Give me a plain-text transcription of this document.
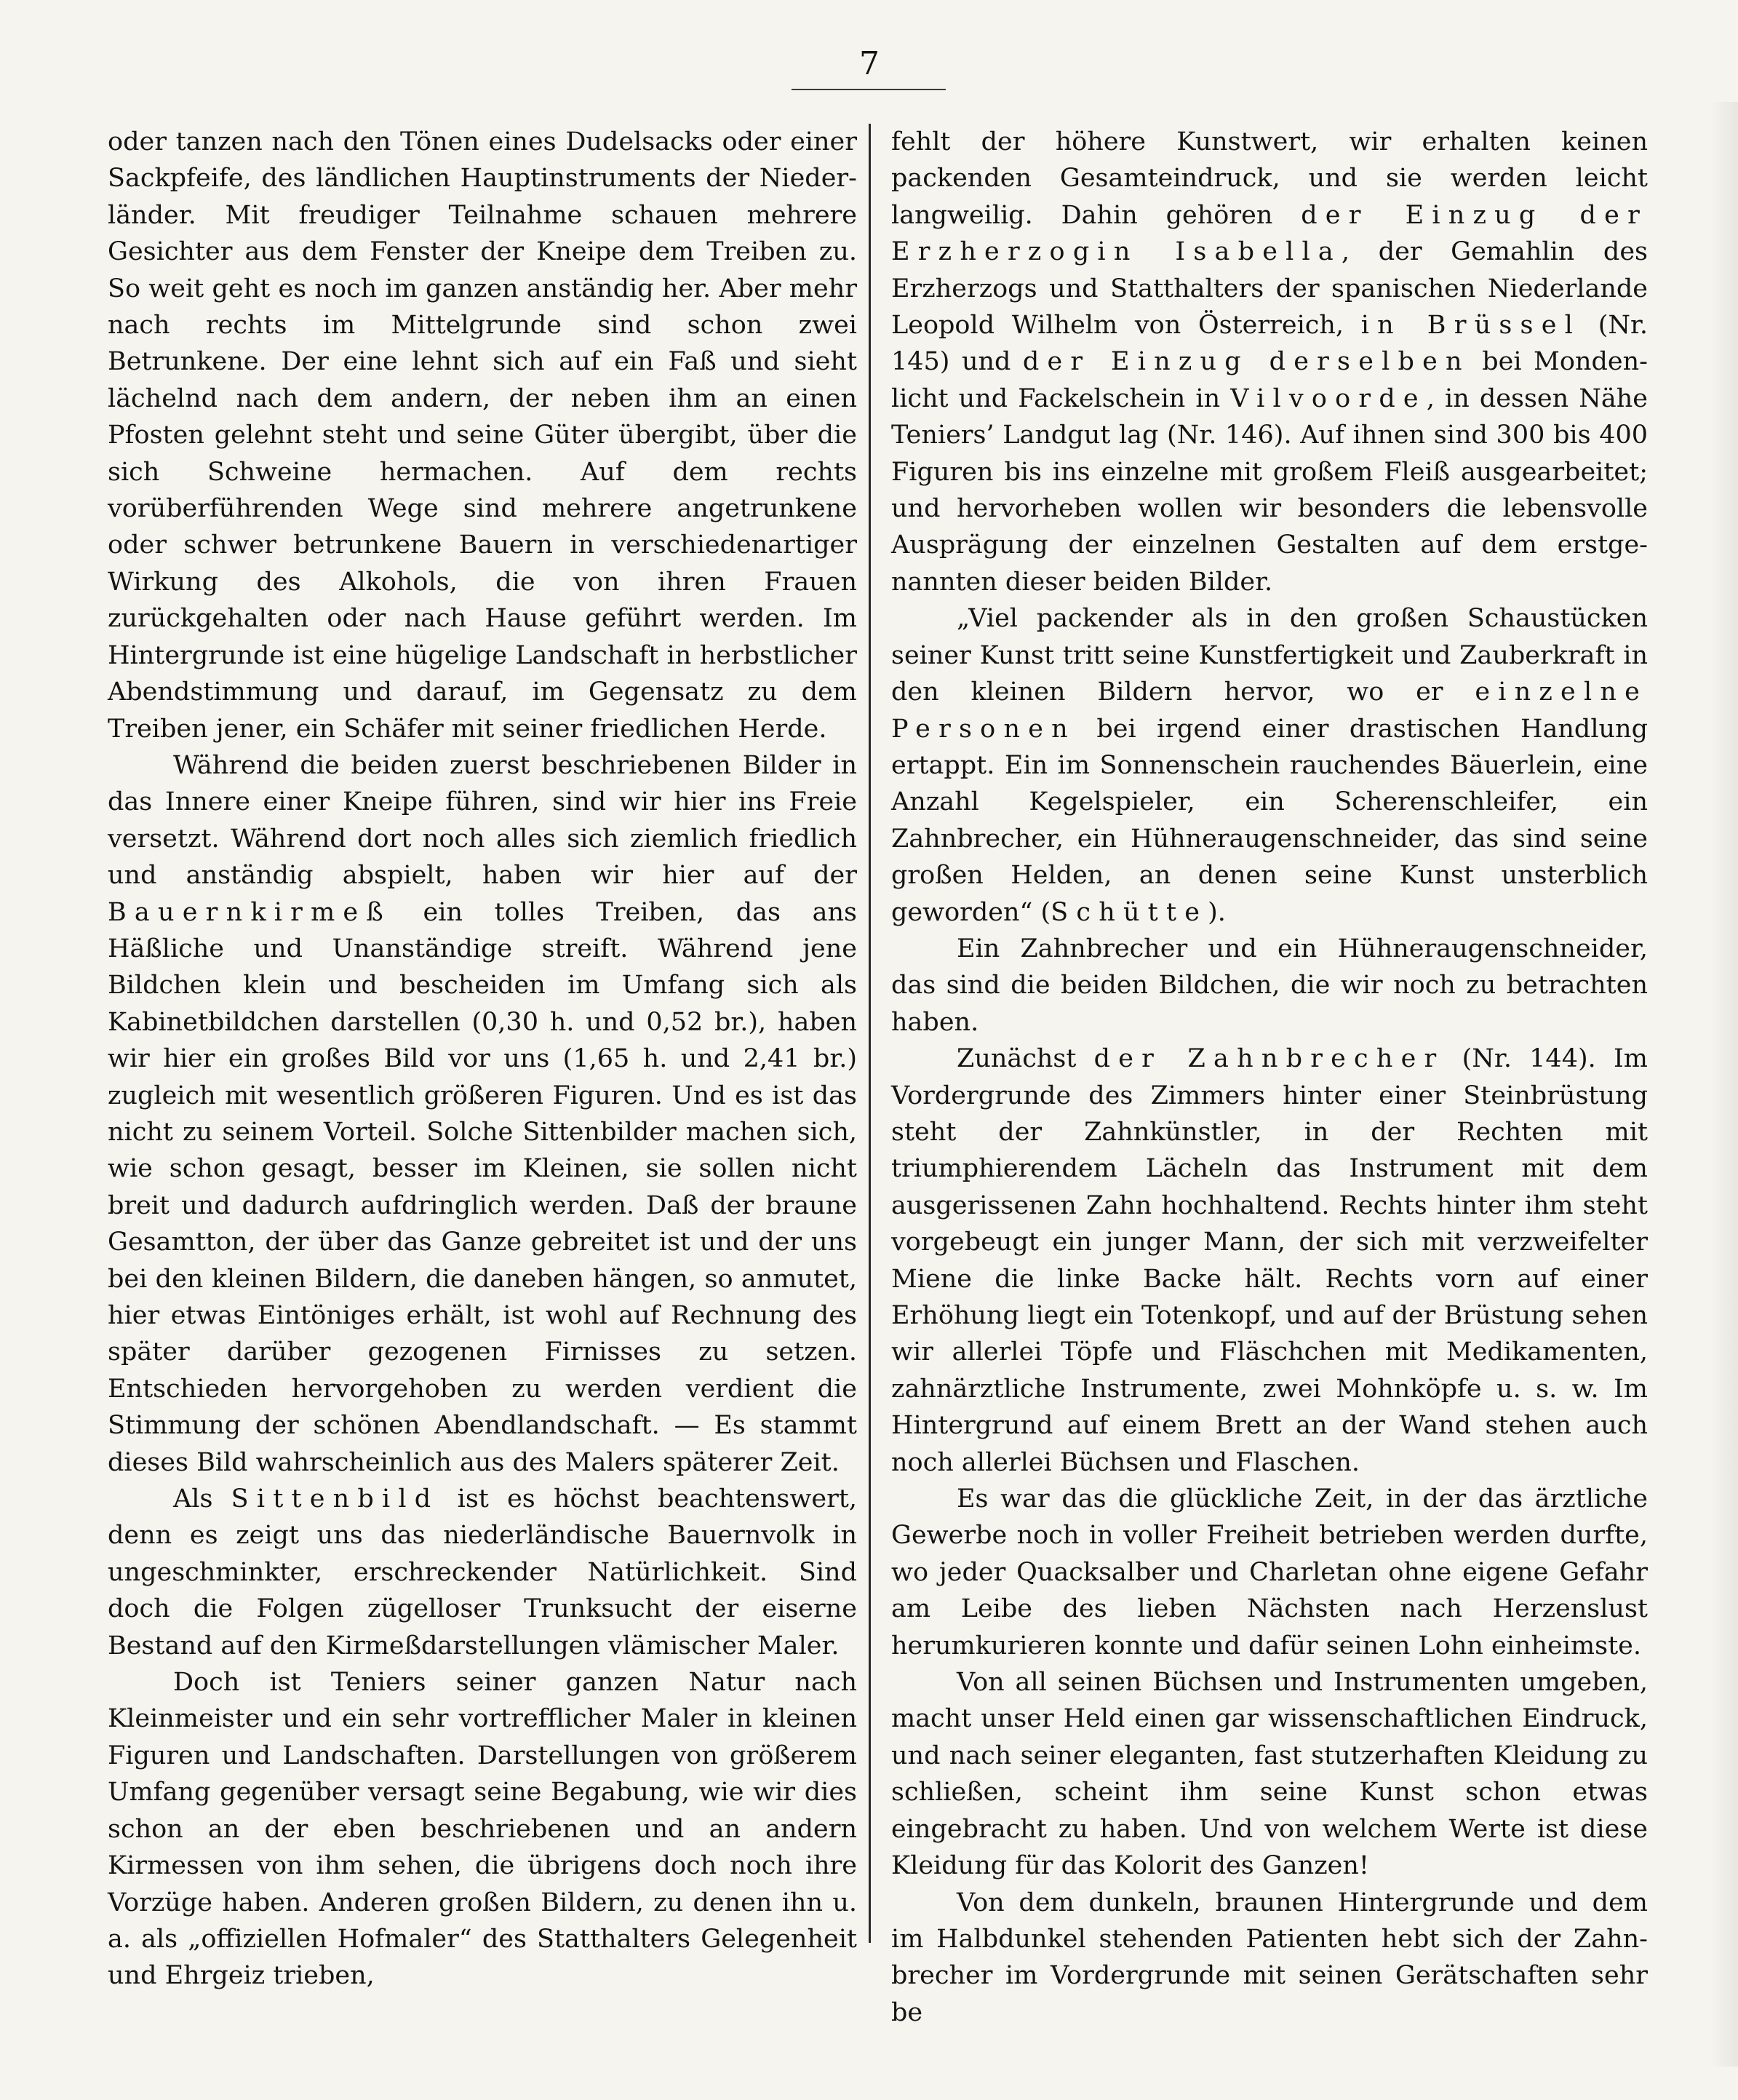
7

oder tanzen nach den Tönen eines Dudelsacks oder einer Sackpfeife, des ländlichen Hauptinstruments der Niederländer. Mit freudiger Teilnahme schauen mehrere Gesichter aus dem Fenster der Kneipe dem Treiben zu. So weit geht es noch im ganzen anständig her. Aber mehr nach rechts im Mittelgrunde sind schon zwei Betrunkene. Der eine lehnt sich auf ein Faß und sieht lächelnd nach dem andern, der neben ihm an einen Pfosten gelehnt steht und seine Güter übergibt, über die sich Schweine hermachen. Auf dem rechts vorüberführenden Wege sind mehrere angetrunkene oder schwer betrunkene Bauern in verschiedenartiger Wirkung des Alkohols, die von ihren Frauen zurückgehalten oder nach Hause geführt werden. Im Hintergrunde ist eine hügelige Landschaft in herbstlicher Abendstimmung und darauf, im Gegensatz zu dem Treiben jener, ein Schäfer mit seiner friedlichen Herde.

Während die beiden zuerst beschriebenen Bilder in das Innere einer Kneipe führen, sind wir hier ins Freie versetzt. Während dort noch alles sich ziemlich friedlich und anständig abspielt, haben wir hier auf der Bauernkirmeß ein tolles Treiben, das ans Häßliche und Unanständige streift. Während jene Bildchen klein und bescheiden im Umfang sich als Kabinetbildchen darstellen (0,30 h. und 0,52 br.), haben wir hier ein großes Bild vor uns (1,65 h. und 2,41 br.) zugleich mit wesentlich größeren Figuren. Und es ist das nicht zu seinem Vorteil. Solche Sittenbilder machen sich, wie schon gesagt, besser im Kleinen, sie sollen nicht breit und dadurch aufdringlich werden. Daß der braune Gesamtton, der über das Ganze gebreitet ist und der uns bei den kleinen Bildern, die daneben hängen, so anmutet, hier etwas Eintöniges erhält, ist wohl auf Rechnung des später darüber gezogenen Firnisses zu setzen. Entschieden hervorgehoben zu werden verdient die Stimmung der schönen Abendlandschaft. — Es stammt dieses Bild wahrscheinlich aus des Malers späterer Zeit.

Als Sittenbild ist es höchst beachtenswert, denn es zeigt uns das niederländische Bauernvolk in ungeschminkter, erschreckender Natürlichkeit. Sind doch die Folgen zügelloser Trunksucht der eiserne Bestand auf den Kirmeßdarstellungen vlämischer Maler.

Doch ist Teniers seiner ganzen Natur nach Kleinmeister und ein sehr vortrefflicher Maler in kleinen Figuren und Landschaften. Darstellungen von größerem Umfang gegenüber versagt seine Begabung, wie wir dies schon an der eben beschriebenen und an andern Kirmessen von ihm sehen, die übrigens doch noch ihre Vorzüge haben. Anderen großen Bildern, zu denen ihn u. a. als „offiziellen Hofmaler“ des Statthalters Gelegenheit und Ehrgeiz trieben,

fehlt der höhere Kunstwert, wir erhalten keinen packenden Gesamteindruck, und sie werden leicht langweilig. Dahin gehören der Einzug der Erzherzogin Isabella, der Gemahlin des Erzherzogs und Statthalters der spanischen Niederlande Leopold Wilhelm von Österreich, in Brüssel (Nr. 145) und der Einzug derselben bei Mondenlicht und Fackelschein in Vilvoorde, in dessen Nähe Teniers’ Landgut lag (Nr. 146). Auf ihnen sind 300 bis 400 Figuren bis ins einzelne mit großem Fleiß ausgearbeitet; und hervorheben wollen wir besonders die lebensvolle Ausprägung der einzelnen Gestalten auf dem erstgenannten dieser beiden Bilder.

„Viel packender als in den großen Schaustücken seiner Kunst tritt seine Kunstfertigkeit und Zauberkraft in den kleinen Bildern hervor, wo er einzelne Personen bei irgend einer drastischen Handlung ertappt. Ein im Sonnenschein rauchendes Bäuerlein, eine Anzahl Kegelspieler, ein Scherenschleifer, ein Zahnbrecher, ein Hühneraugenschneider, das sind seine großen Helden, an denen seine Kunst unsterblich geworden“ (Schütte).

Ein Zahnbrecher und ein Hühneraugenschneider, das sind die beiden Bildchen, die wir noch zu betrachten haben.

Zunächst der Zahnbrecher (Nr. 144). Im Vordergrunde des Zimmers hinter einer Steinbrüstung steht der Zahnkünstler, in der Rechten mit triumphierendem Lächeln das Instrument mit dem ausgerissenen Zahn hochhaltend. Rechts hinter ihm steht vorgebeugt ein junger Mann, der sich mit verzweifelter Miene die linke Backe hält. Rechts vorn auf einer Erhöhung liegt ein Totenkopf, und auf der Brüstung sehen wir allerlei Töpfe und Fläschchen mit Medikamenten, zahnärztliche Instrumente, zwei Mohnköpfe u. s. w. Im Hintergrund auf einem Brett an der Wand stehen auch noch allerlei Büchsen und Flaschen.

Es war das die glückliche Zeit, in der das ärztliche Gewerbe noch in voller Freiheit betrieben werden durfte, wo jeder Quacksalber und Charletan ohne eigene Gefahr am Leibe des lieben Nächsten nach Herzenslust herumkurieren konnte und dafür seinen Lohn einheimste.

Von all seinen Büchsen und Instrumenten umgeben, macht unser Held einen gar wissenschaftlichen Eindruck, und nach seiner eleganten, fast stutzerhaften Kleidung zu schließen, scheint ihm seine Kunst schon etwas eingebracht zu haben. Und von welchem Werte ist diese Kleidung für das Kolorit des Ganzen!

Von dem dunkeln, braunen Hintergrunde und dem im Halbdunkel stehenden Patienten hebt sich der Zahnbrecher im Vordergrunde mit seinen Gerätschaften sehr be
